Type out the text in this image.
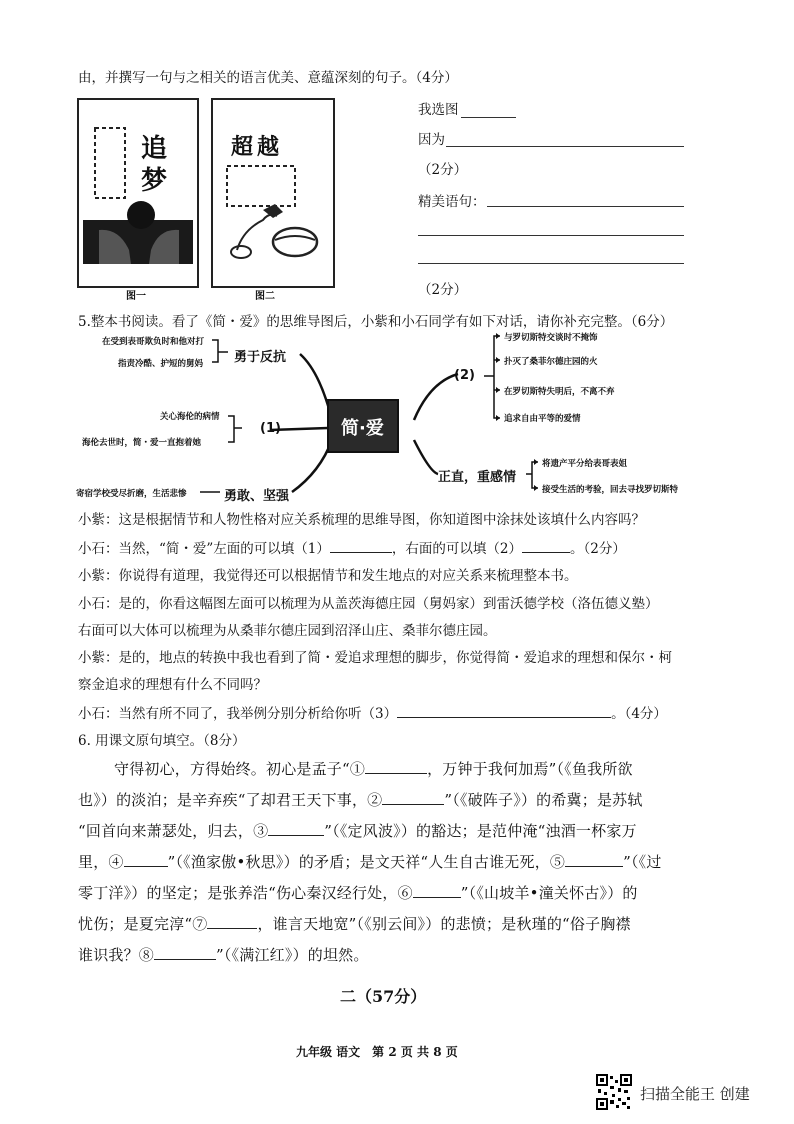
由，并撰写一句与之相关的语言优美、意蕴深刻的句子。（4分）
追
梦
图一
超越
图二
我选图
因为
（2分）
精美语句：
（2分）
5.整本书阅读。看了《简・爱》的思维导图后，小紫和小石同学有如下对话，请你补充完整。（6分）
简·爱
在受到表哥欺负时和他对打
指责冷酷、护短的舅妈 勇于反抗
关心海伦的病情
海伦去世时，简・爱一直抱着她
(1)
寄宿学校受尽折磨，生活悲惨	勇敢、坚强
(2)
与罗切斯特交谈时不掩饰
扑灭了桑菲尔德庄园的火
在罗切斯特失明后，不离不弃
追求自由平等的爱情
正直，重感情
将遗产平分给表哥表姐
接受生活的考验，回去寻找罗切斯特
小紫：这是根据情节和人物性格对应关系梳理的思维导图，你知道图中涂抹处该填什么内容吗？
小石：当然，“简・爱”左面的可以填（1）	，右面的可以填（2）	。（2分）
小紫：你说得有道理，我觉得还可以根据情节和发生地点的对应关系来梳理整本书。
小石：是的，你看这幅图左面可以梳理为从盖茨海德庄园（舅妈家）到雷沃德学校（洛伍德义塾）
右面可以大体可以梳理为从桑菲尔德庄园到沼泽山庄、桑菲尔德庄园。
小紫：是的，地点的转换中我也看到了简・爱追求理想的脚步，你觉得简・爱追求的理想和保尔・柯
察金追求的理想有什么不同吗？
小石：当然有所不同了，我举例分别分析给你听（3）	。（4分）
6. 用课文原句填空。（8分）
守得初心，方得始终。初心是孟子“①	，万钟于我何加焉”（《鱼我所欲
也》）的淡泊；是辛弃疾“了却君王天下事，②	”（《破阵子》）的希冀；是苏轼
“回首向来萧瑟处，归去，③	”（《定风波》）的豁达；是范仲淹“浊酒一杯家万
里，④	”（《渔家傲•秋思》）的矛盾；是文天祥“人生自古谁无死，⑤	”（《过
零丁洋》）的坚定；是张养浩“伤心秦汉经行处，⑥	”（《山坡羊•潼关怀古》）的
忧伤；是夏完淳“⑦	，谁言天地宽”（《别云间》）的悲愤；是秋瑾的“俗子胸襟
谁识我？⑧	”（《满江红》）的坦然。
二（57分）
九年级 语文　第 2 页 共 8 页
扫描全能王 创建
